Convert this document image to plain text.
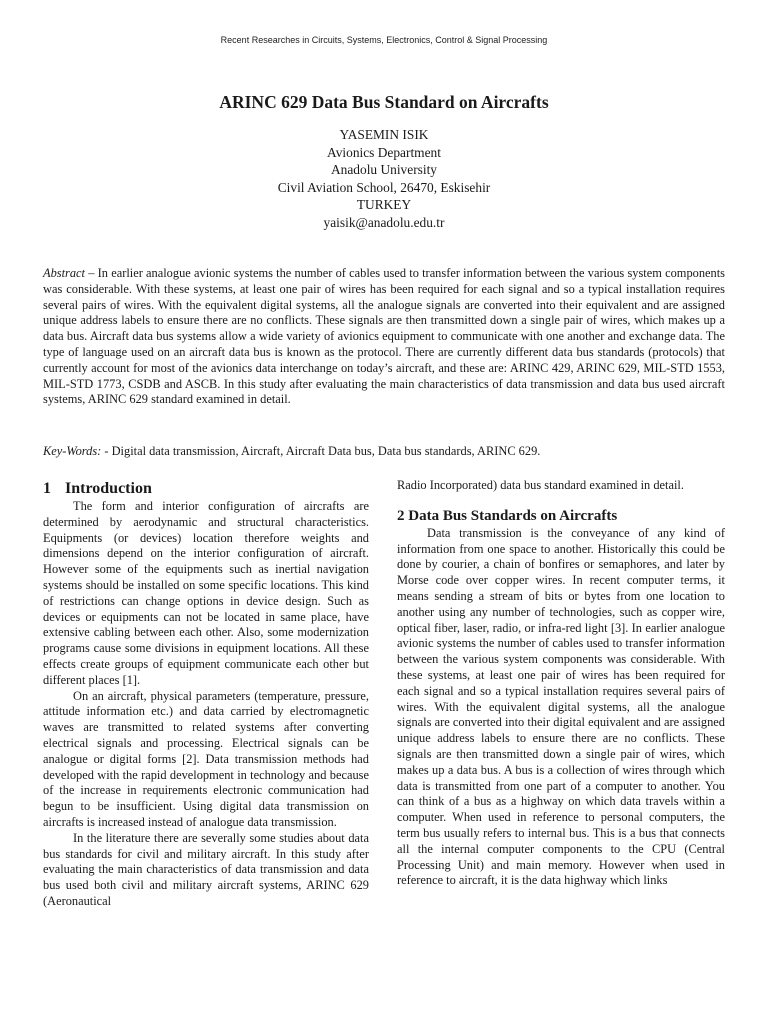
Recent Researches in Circuits, Systems, Electronics, Control & Signal Processing
ARINC 629 Data Bus Standard on Aircrafts
YASEMIN ISIK
Avionics Department
Anadolu University
Civil Aviation School, 26470, Eskisehir
TURKEY
yaisik@anadolu.edu.tr
Abstract – In earlier analogue avionic systems the number of cables used to transfer information between the various system components was considerable. With these systems, at least one pair of wires has been required for each signal and so a typical installation requires several pairs of wires. With the equivalent digital systems, all the analogue signals are converted into their equivalent and are assigned unique address labels to ensure there are no conflicts. These signals are then transmitted down a single pair of wires, which makes up a data bus. Aircraft data bus systems allow a wide variety of avionics equipment to communicate with one another and exchange data. The type of language used on an aircraft data bus is known as the protocol. There are currently different data bus standards (protocols) that currently account for most of the avionics data interchange on today’s aircraft, and these are: ARINC 429, ARINC 629, MIL-STD 1553, MIL-STD 1773, CSDB and ASCB. In this study after evaluating the main characteristics of data transmission and data bus used aircraft systems, ARINC 629 standard examined in detail.
Key-Words: - Digital data transmission, Aircraft, Aircraft Data bus, Data bus standards, ARINC 629.
1 Introduction

The form and interior configuration of aircrafts are determined by aerodynamic and structural characteristics. Equipments (or devices) location therefore weights and dimensions depend on the interior configuration of aircraft. However some of the equipments such as inertial navigation systems should be installed on some specific locations. This kind of restrictions can change options in device design. Such as devices or equipments can not be located in same place, have extensive cabling between each other. Also, some modernization programs cause some divisions in equipment locations. All these effects create groups of equipment communicate each other but different places [1].

On an aircraft, physical parameters (temperature, pressure, attitude information etc.) and data carried by electromagnetic waves are transmitted to related systems after converting electrical signals and processing. Electrical signals can be analogue or digital forms [2]. Data transmission methods had developed with the rapid development in technology and because of the increase in requirements electronic communication had begun to be insufficient. Using digital data transmission on aircrafts is increased instead of analogue data transmission.

In the literature there are severally some studies about data bus standards for civil and military aircraft. In this study after evaluating the main characteristics of data transmission and data bus used both civil and military aircraft systems, ARINC 629 (Aeronautical

Radio Incorporated) data bus standard examined in detail.

2 Data Bus Standards on Aircrafts

Data transmission is the conveyance of any kind of information from one space to another. Historically this could be done by courier, a chain of bonfires or semaphores, and later by Morse code over copper wires. In recent computer terms, it means sending a stream of bits or bytes from one location to another using any number of technologies, such as copper wire, optical fiber, laser, radio, or infra-red light [3]. In earlier analogue avionic systems the number of cables used to transfer information between the various system components was considerable. With these systems, at least one pair of wires has been required for each signal and so a typical installation requires several pairs of wires. With the equivalent digital systems, all the analogue signals are converted into their digital equivalent and are assigned unique address labels to ensure there are no conflicts. These signals are then transmitted down a single pair of wires, which makes up a data bus. A bus is a collection of wires through which data is transmitted from one part of a computer to another. You can think of a bus as a highway on which data travels within a computer. When used in reference to personal computers, the term bus usually refers to internal bus. This is a bus that connects all the internal computer components to the CPU (Central Processing Unit) and main memory. However when used in reference to aircraft, it is the data highway which links
